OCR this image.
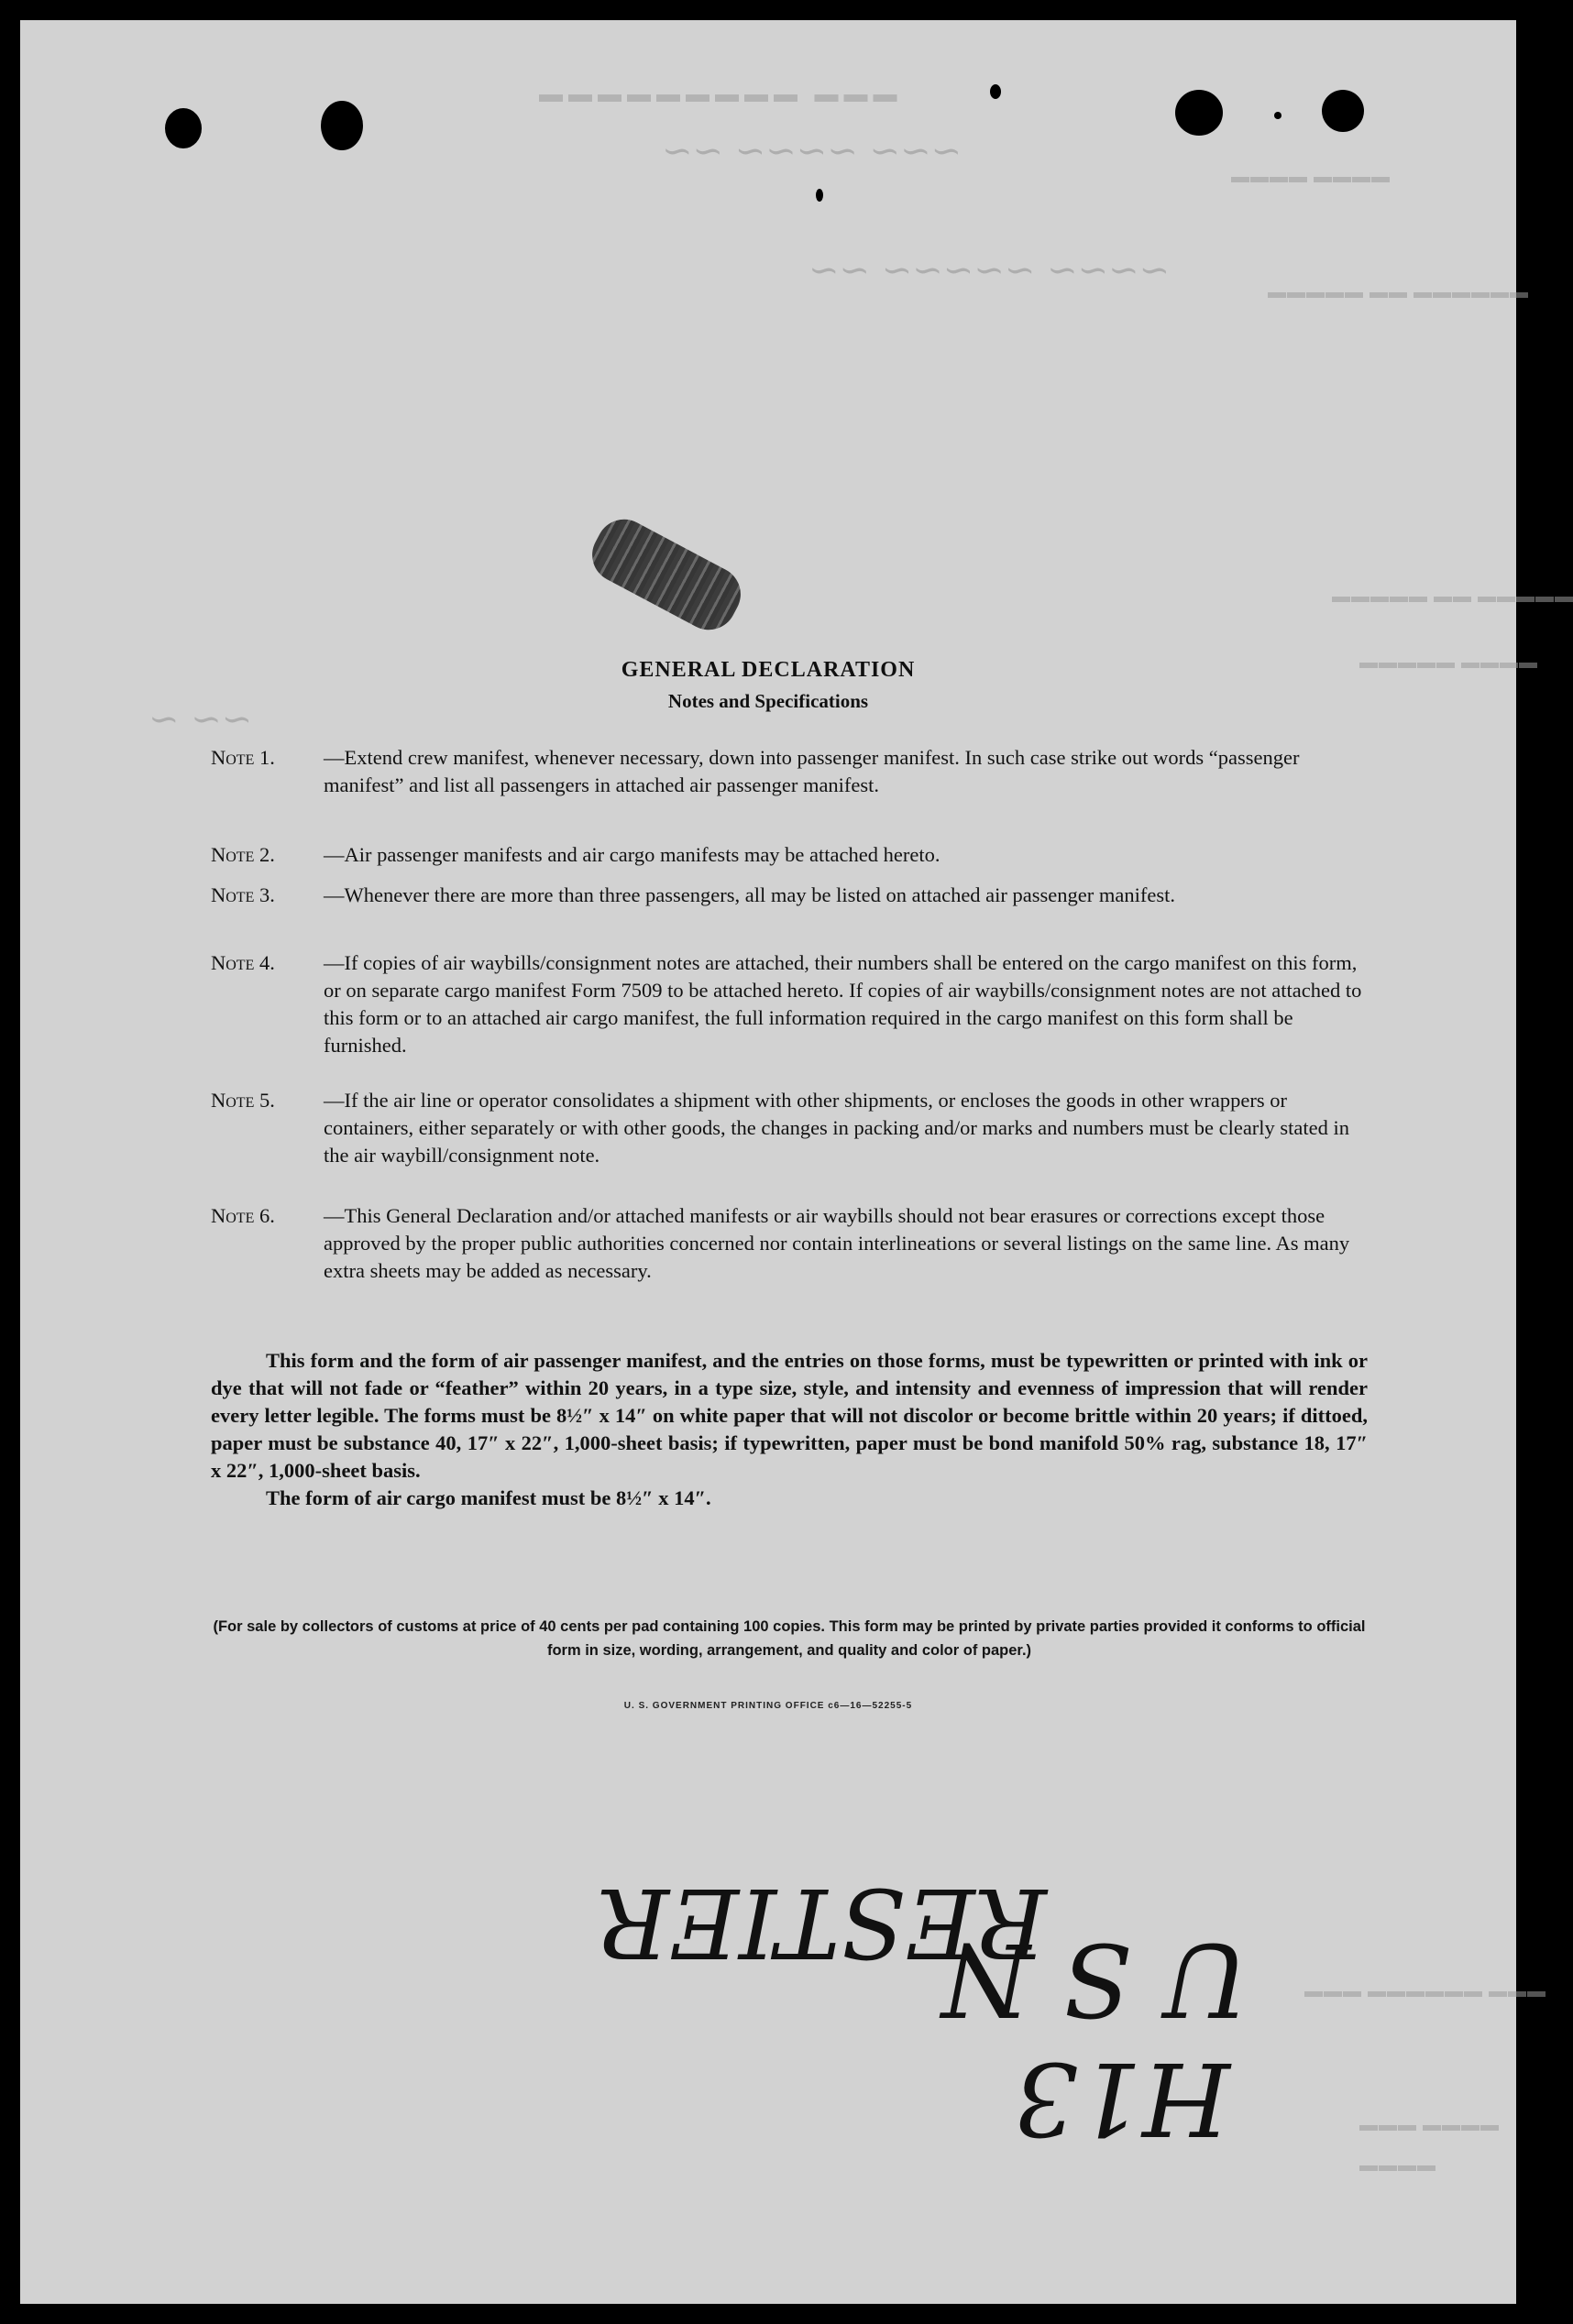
▬▬▬ ▬▬▬▬▬▬▬▬▬
▬▬▬▬ ▬▬▬▬
▬▬▬▬▬▬ ▬▬ ▬▬▬▬▬
▬▬▬▬▬ ▬▬ ▬▬▬▬▬
▬▬▬▬ ▬▬▬▬▬
▬▬▬ ▬▬▬▬▬▬ ▬▬▬
▬▬▬▬ ▬▬▬
▬▬▬▬
~~~ ~~~~ ~~
~~~~ ~~~~~ ~~
~~ ~
GENERAL DECLARATION
Notes and Specifications
Note 1.	—Extend crew manifest, whenever necessary, down into passenger manifest. In such case strike out words “passenger manifest” and list all passengers in attached air passenger manifest.
Note 2.	—Air passenger manifests and air cargo manifests may be attached hereto.
Note 3.	—Whenever there are more than three passengers, all may be listed on attached air passenger manifest.
Note 4.	—If copies of air waybills/consignment notes are attached, their numbers shall be entered on the cargo manifest on this form, or on separate cargo manifest Form 7509 to be attached hereto. If copies of air waybills/consignment notes are not attached to this form or to an attached air cargo manifest, the full information required in the cargo manifest on this form shall be furnished.
Note 5.	—If the air line or operator consolidates a shipment with other shipments, or encloses the goods in other wrappers or containers, either separately or with other goods, the changes in packing and/or marks and numbers must be clearly stated in the air waybill/consignment note.
Note 6.	—This General Declaration and/or attached manifests or air waybills should not bear erasures or corrections except those approved by the proper public authorities concerned nor contain interlineations or several listings on the same line. As many extra sheets may be added as necessary.

This form and the form of air passenger manifest, and the entries on those forms, must be typewritten or printed with ink or dye that will not fade or “feather” within 20 years, in a type size, style, and intensity and evenness of impression that will render every letter legible. The forms must be 8½″ x 14″ on white paper that will not discolor or become brittle within 20 years; if dittoed, paper must be substance 40, 17″ x 22″, 1,000-sheet basis; if typewritten, paper must be bond manifold 50% rag, substance 18, 17″ x 22″, 1,000-sheet basis.

The form of air cargo manifest must be 8½″ x 14″.

(For sale by collectors of customs at price of 40 cents per pad containing 100 copies. This form may be printed by private parties provided it conforms to official form in size, wording, arrangement, and quality and color of paper.)
U. S. GOVERNMENT PRINTING OFFICE c6—16—52255-5
H13
U S N
RESTIER
